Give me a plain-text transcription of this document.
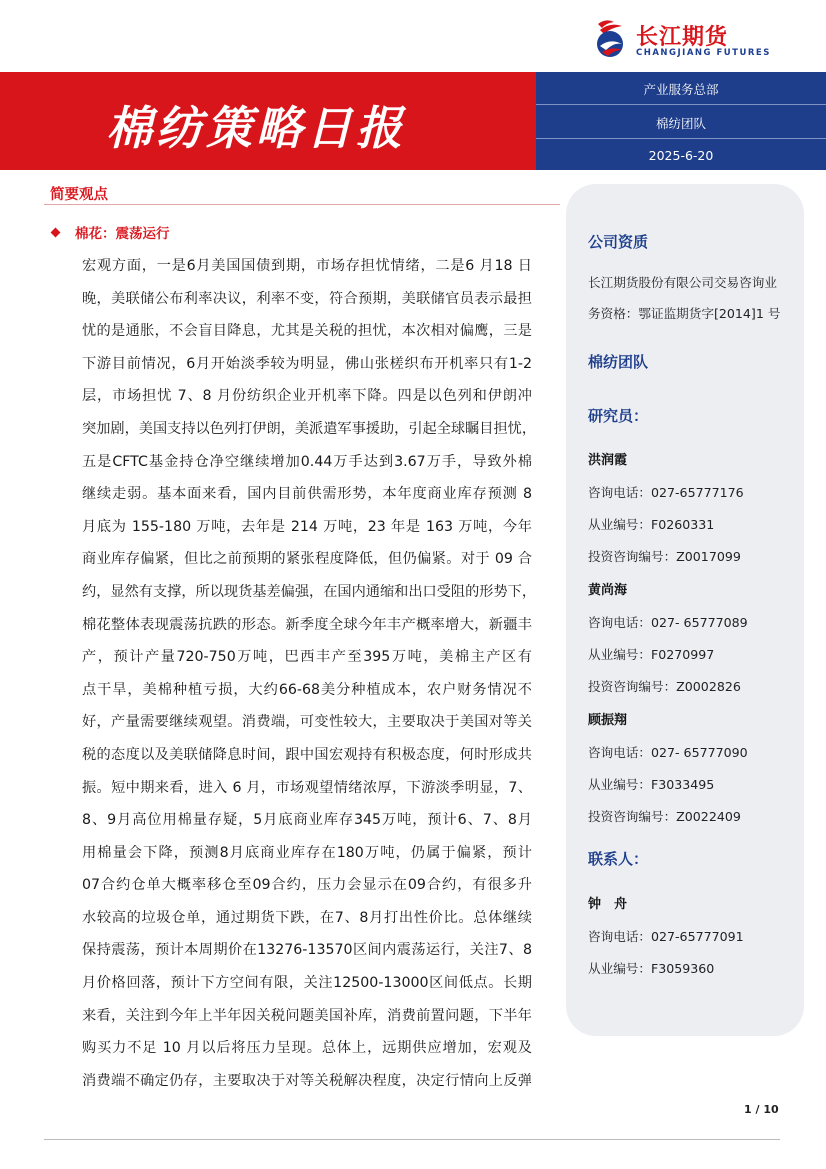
长江期货
CHANGJIANG FUTURES
棉纺策略日报
产业服务总部
棉纺团队
2025-6-20
简要观点
棉花：震荡运行
宏观方面，一是6月美国国债到期，市场存担忧情绪，二是6 月18 日
晚，美联储公布利率决议，利率不变，符合预期，美联储官员表示最担
忧的是通胀，不会盲目降息，尤其是关税的担忧，本次相对偏鹰，三是
下游目前情况，6月开始淡季较为明显，佛山张槎织布开机率只有1-2
层，市场担忧 7、8 月份纺织企业开机率下降。四是以色列和伊朗冲
突加剧，美国支持以色列打伊朗，美派遣军事援助，引起全球瞩目担忧，
五是CFTC基金持仓净空继续增加0.44万手达到3.67万手，导致外棉
继续走弱。基本面来看，国内目前供需形势，本年度商业库存预测 8
月底为 155-180 万吨，去年是 214 万吨，23 年是 163 万吨，今年
商业库存偏紧，但比之前预期的紧张程度降低，但仍偏紧。对于 09 合
约，显然有支撑，所以现货基差偏强，在国内通缩和出口受阻的形势下，
棉花整体表现震荡抗跌的形态。新季度全球今年丰产概率增大，新疆丰
产，预计产量720-750万吨，巴西丰产至395万吨，美棉主产区有
点干旱，美棉种植亏损，大约66-68美分种植成本，农户财务情况不
好，产量需要继续观望。消费端，可变性较大，主要取决于美国对等关
税的态度以及美联储降息时间，跟中国宏观持有积极态度，何时形成共
振。短中期来看，进入 6 月，市场观望情绪浓厚，下游淡季明显，7、
8、9月高位用棉量存疑，5月底商业库存345万吨，预计6、7、8月
用棉量会下降，预测8月底商业库存在180万吨，仍属于偏紧，预计
07合约仓单大概率移仓至09合约，压力会显示在09合约，有很多升
水较高的垃圾仓单，通过期货下跌，在7、8月打出性价比。总体继续
保持震荡，预计本周期价在13276-13570区间内震荡运行，关注7、8
月价格回落，预计下方空间有限，关注12500-13000区间低点。长期
来看，关注到今年上半年因关税问题美国补库，消费前置问题，下半年
购买力不足 10 月以后将压力呈现。总体上，远期供应增加，宏观及
消费端不确定仍存，主要取决于对等关税解决程度，决定行情向上反弹
公司资质
长江期货股份有限公司交易咨询业
务资格：鄂证监期货字[2014]1 号
棉纺团队
研究员：
洪润霞
咨询电话：027-65777176
从业编号：F0260331
投资咨询编号：Z0017099
黄尚海
咨询电话：027- 65777089
从业编号：F0270997
投资咨询编号：Z0002826
顾振翔
咨询电话：027- 65777090
从业编号：F3033495
投资咨询编号：Z0022409
联系人：
钟　舟
咨询电话：027-65777091
从业编号：F3059360
1 / 10
